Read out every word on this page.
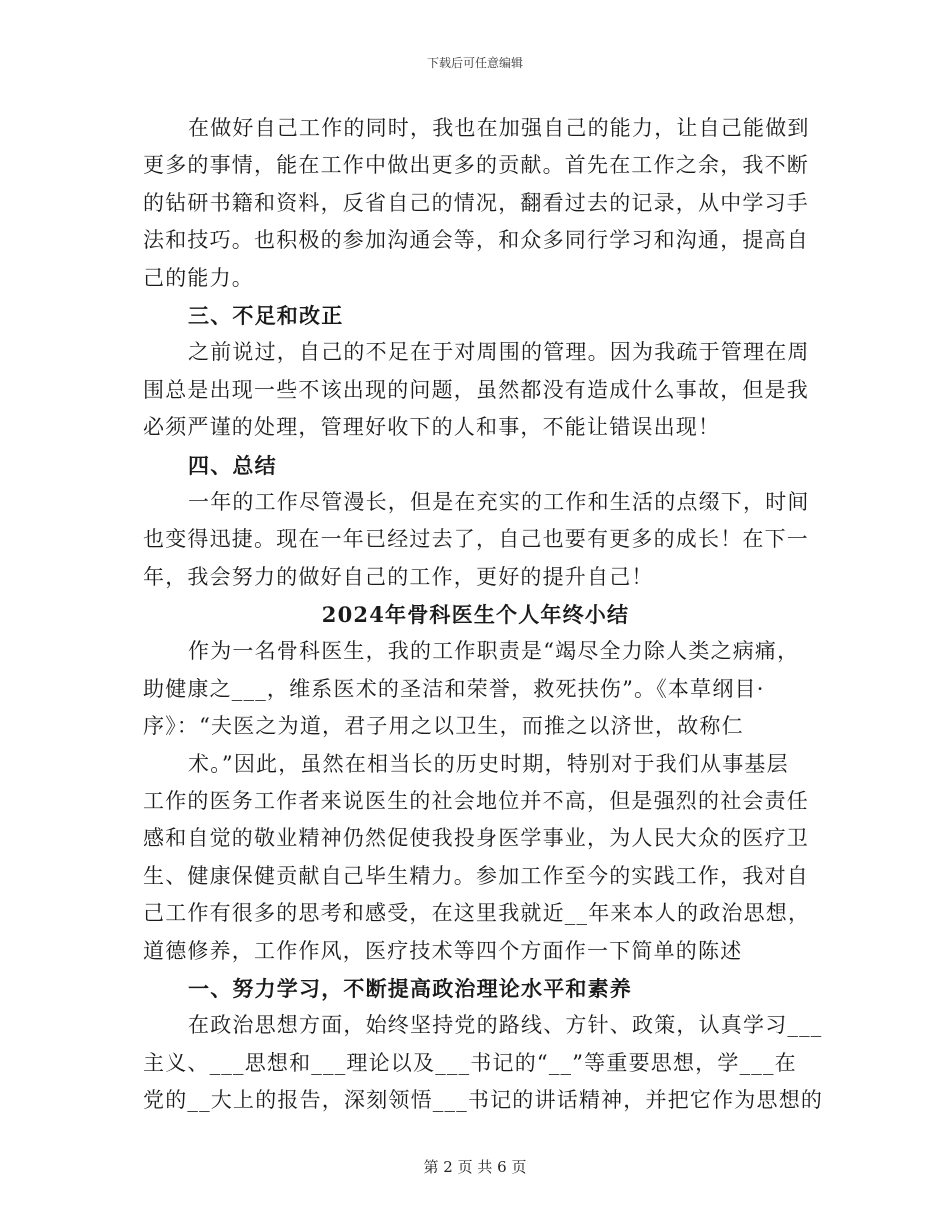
下载后可任意编辑
在做好自己工作的同时，我也在加强自己的能力，让自己能做到
更多的事情，能在工作中做出更多的贡献。首先在工作之余，我不断
的钻研书籍和资料，反省自己的情况，翻看过去的记录，从中学习手
法和技巧。也积极的参加沟通会等，和众多同行学习和沟通，提高自
己的能力。
三、不足和改正
之前说过，自己的不足在于对周围的管理。因为我疏于管理在周
围总是出现一些不该出现的问题，虽然都没有造成什么事故，但是我
必须严谨的处理，管理好收下的人和事，不能让错误出现！
四、总结
一年的工作尽管漫长，但是在充实的工作和生活的点缀下，时间
也变得迅捷。现在一年已经过去了，自己也要有更多的成长！在下一
年，我会努力的做好自己的工作，更好的提升自己！
2024年骨科医生个人年终小结
作为一名骨科医生，我的工作职责是“竭尽全力除人类之病痛，
助健康之___，维系医术的圣洁和荣誉，救死扶伤”。《本草纲目·
序》：“夫医之为道，君子用之以卫生，而推之以济世，故称仁
术。”因此，虽然在相当长的历史时期，特别对于我们从事基层
工作的医务工作者来说医生的社会地位并不高，但是强烈的社会责任
感和自觉的敬业精神仍然促使我投身医学事业，为人民大众的医疗卫
生、健康保健贡献自己毕生精力。参加工作至今的实践工作，我对自
己工作有很多的思考和感受，在这里我就近__年来本人的政治思想，
道德修养，工作作风，医疗技术等四个方面作一下简单的陈述
一、努力学习，不断提高政治理论水平和素养
在政治思想方面，始终坚持党的路线、方针、政策，认真学习___
主义、___思想和___理论以及___书记的“__”等重要思想，学___在
党的__大上的报告，深刻领悟___书记的讲话精神，并把它作为思想的
第 2 页 共 6 页
